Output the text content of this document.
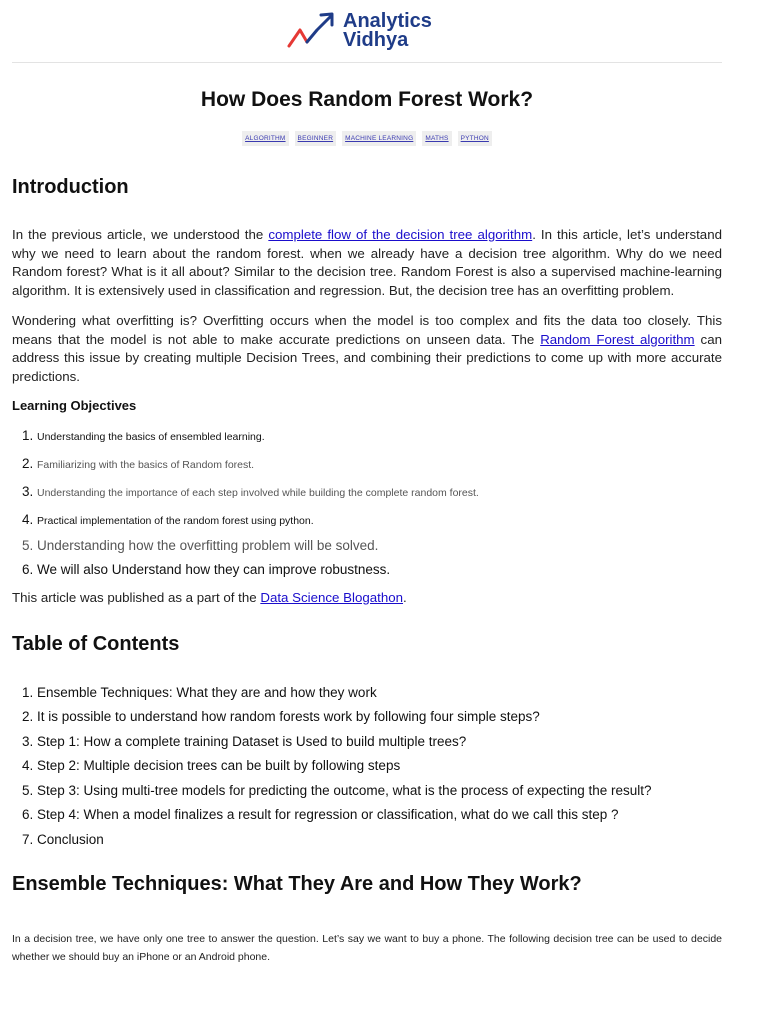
Analytics
Vidhya
How Does Random Forest Work?
ALGORITHM BEGINNER MACHINE LEARNING MATHS PYTHON
Introduction

In the previous article, we understood the complete flow of the decision tree algorithm. In this article, let’s understand why we need to learn about the random forest. when we already have a decision tree algorithm. Why do we need Random forest? What is it all about? Similar to the decision tree. Random Forest is also a supervised machine-learning algorithm. It is extensively used in classification and regression. But, the decision tree has an overfitting problem.

Wondering what overfitting is? Overfitting occurs when the model is too complex and fits the data too closely. This means that the model is not able to make accurate predictions on unseen data. The Random Forest algorithm can address this issue by creating multiple Decision Trees, and combining their predictions to come up with more accurate predictions.

Learning Objectives
1. Understanding the basics of ensembled learning.
2. Familiarizing with the basics of Random forest.
3. Understanding the importance of each step involved while building the complete random forest.
4. Practical implementation of the random forest using python.
5. Understanding how the overfitting problem will be solved.
6. We will also Understand how they can improve robustness.

This article was published as a part of the Data Science Blogathon.

Table of Contents
1. Ensemble Techniques: What they are and how they work
2. It is possible to understand how random forests work by following four simple steps?
3. Step 1: How a complete training Dataset is Used to build multiple trees?
4. Step 2: Multiple decision trees can be built by following steps
5. Step 3: Using multi-tree models for predicting the outcome, what is the process of expecting the result?
6. Step 4: When a model finalizes a result for regression or classification, what do we call this step ?
7. Conclusion
Ensemble Techniques: What They Are and How They Work?

In a decision tree, we have only one tree to answer the question. Let’s say we want to buy a phone. The following decision tree can be used to decide whether we should buy an iPhone or an Android phone.
